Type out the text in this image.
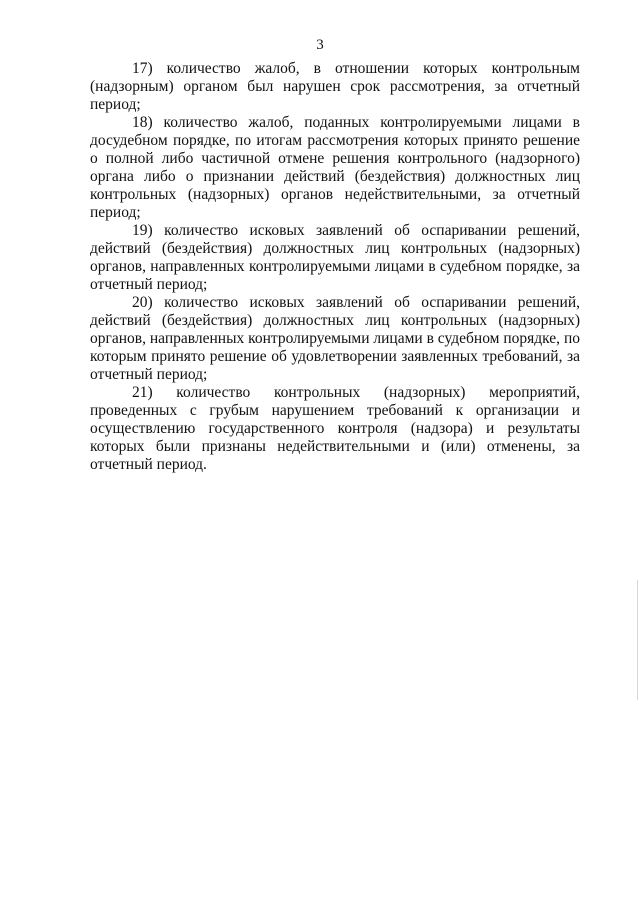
3

17) количество жалоб, в отношении которых контрольным (надзорным) органом был нарушен срок рассмотрения, за отчетный период;

18) количество жалоб, поданных контролируемыми лицами в досудебном порядке, по итогам рассмотрения которых принято решение о полной либо частичной отмене решения контрольного (надзорного) органа либо о признании действий (бездействия) должностных лиц контрольных (надзорных) органов недействительными, за отчетный период;

19) количество исковых заявлений об оспаривании решений, действий (бездействия) должностных лиц контрольных (надзорных) органов, направленных контролируемыми лицами в судебном порядке, за отчетный период;

20) количество исковых заявлений об оспаривании решений, действий (бездействия) должностных лиц контрольных (надзорных) органов, направленных контролируемыми лицами в судебном порядке, по которым принято решение об удовлетворении заявленных требований, за отчетный период;

21) количество контрольных (надзорных) мероприятий, проведенных с грубым нарушением требований к организации и осуществлению государственного контроля (надзора) и результаты которых были признаны недействительными и (или) отменены, за отчетный период.
